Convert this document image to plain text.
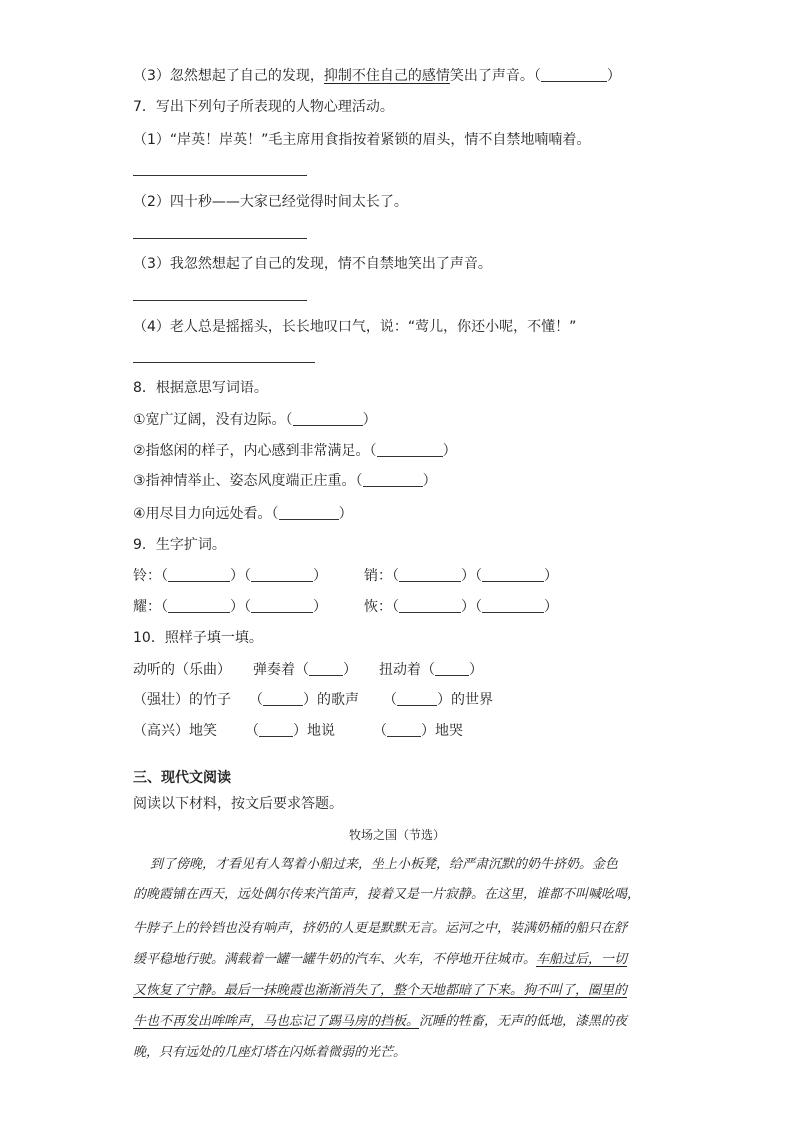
（3）忽然想起了自己的发现，抑制不住自己的感情笑出了声音。（	）
7．写出下列句子所表现的人物心理活动。
（1）“岸英！岸英！”毛主席用食指按着紧锁的眉头，情不自禁地喃喃着。
（2）四十秒——大家已经觉得时间太长了。
（3）我忽然想起了自己的发现，情不自禁地笑出了声音。
（4）老人总是摇摇头，长长地叹口气，说：“莺儿，你还小呢，不懂！”
8．根据意思写词语。
①宽广辽阔，没有边际。（	）
②指悠闲的样子，内心感到非常满足。（	）
③指神情举止、姿态风度端正庄重。（	）
④用尽目力向远处看。（	）
9．生字扩词。
铃：（	）（	）	销：（	）（	）
耀：（	）（	）	恢：（	）（	）
10．照样子填一填。
动听的（乐曲） 弹奏着（ ） 扭动着（ ）
（强壮）的竹子 （	）的歌声 （	）的世界
（高兴）地笑 （ ）地说	（ ）地哭
三、现代文阅读
阅读以下材料，按文后要求答题。
牧场之国（节选）
到了傍晚，才看见有人驾着小船过来，坐上小板凳，给严肃沉默的奶牛挤奶。金色
的晚霞铺在西天，远处偶尔传来汽笛声，接着又是一片寂静。在这里，谁都不叫喊吆喝，
牛脖子上的铃铛也没有响声，挤奶的人更是默默无言。运河之中，装满奶桶的船只在舒
缓平稳地行驶。满载着一罐一罐牛奶的汽车、火车，不停地开往城市。车船过后，一切
又恢复了宁静。最后一抹晚霞也渐渐消失了，整个天地都暗了下来。狗不叫了，圈里的
牛也不再发出哞哞声，马也忘记了踢马房的挡板。沉睡的牲畜，无声的低地，漆黑的夜
晚，只有远处的几座灯塔在闪烁着微弱的光芒。
